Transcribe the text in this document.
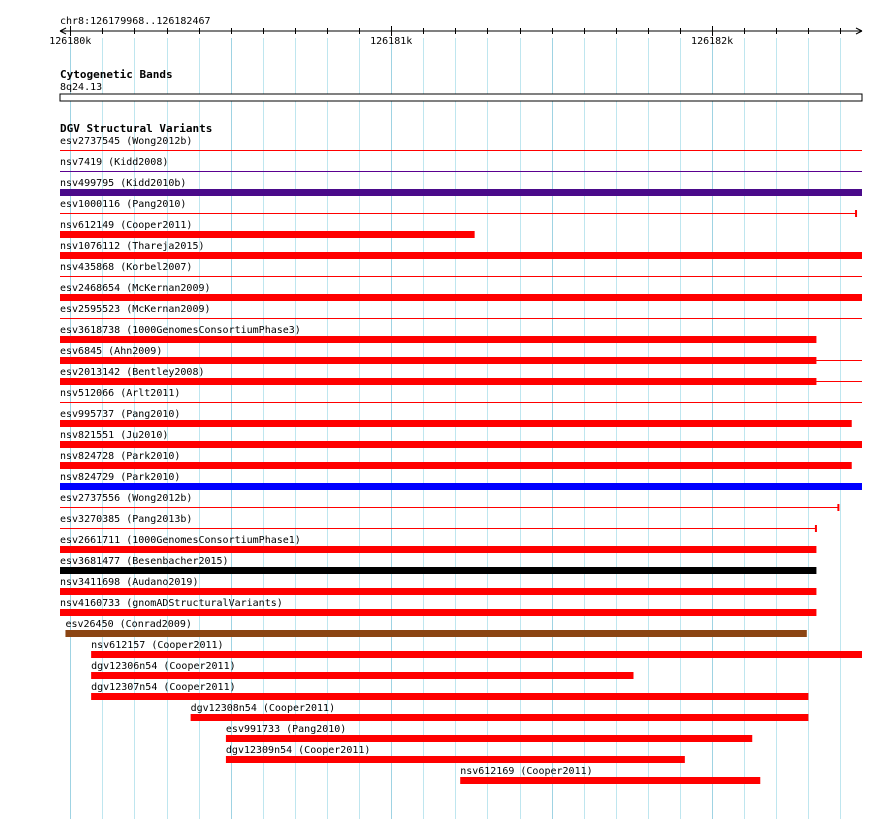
chr8:126179968..126182467
126180k	126181k	126182k
Cytogenetic Bands
8q24.13
DGV Structural Variants
esv2737545 (Wong2012b)
nsv7419 (Kidd2008)
nsv499795 (Kidd2010b)
esv1000116 (Pang2010)
nsv612149 (Cooper2011)
nsv1076112 (Thareja2015)
nsv435868 (Korbel2007)
esv2468654 (McKernan2009)
esv2595523 (McKernan2009)
esv3618738 (1000GenomesConsortiumPhase3)
esv6845 (Ahn2009)
esv2013142 (Bentley2008)
nsv512066 (Arlt2011)
esv995737 (Pang2010)
nsv821551 (Ju2010)
nsv824728 (Park2010)
nsv824729 (Park2010)
esv2737556 (Wong2012b)
esv3270385 (Pang2013b)
esv2661711 (1000GenomesConsortiumPhase1)
esv3681477 (Besenbacher2015)
nsv3411698 (Audano2019)
nsv4160733 (gnomADStructuralVariants)
esv26450 (Conrad2009)
nsv612157 (Cooper2011)
dgv12306n54 (Cooper2011)
dgv12307n54 (Cooper2011)
dgv12308n54 (Cooper2011)
esv991733 (Pang2010)
dgv12309n54 (Cooper2011)
nsv612169 (Cooper2011)
